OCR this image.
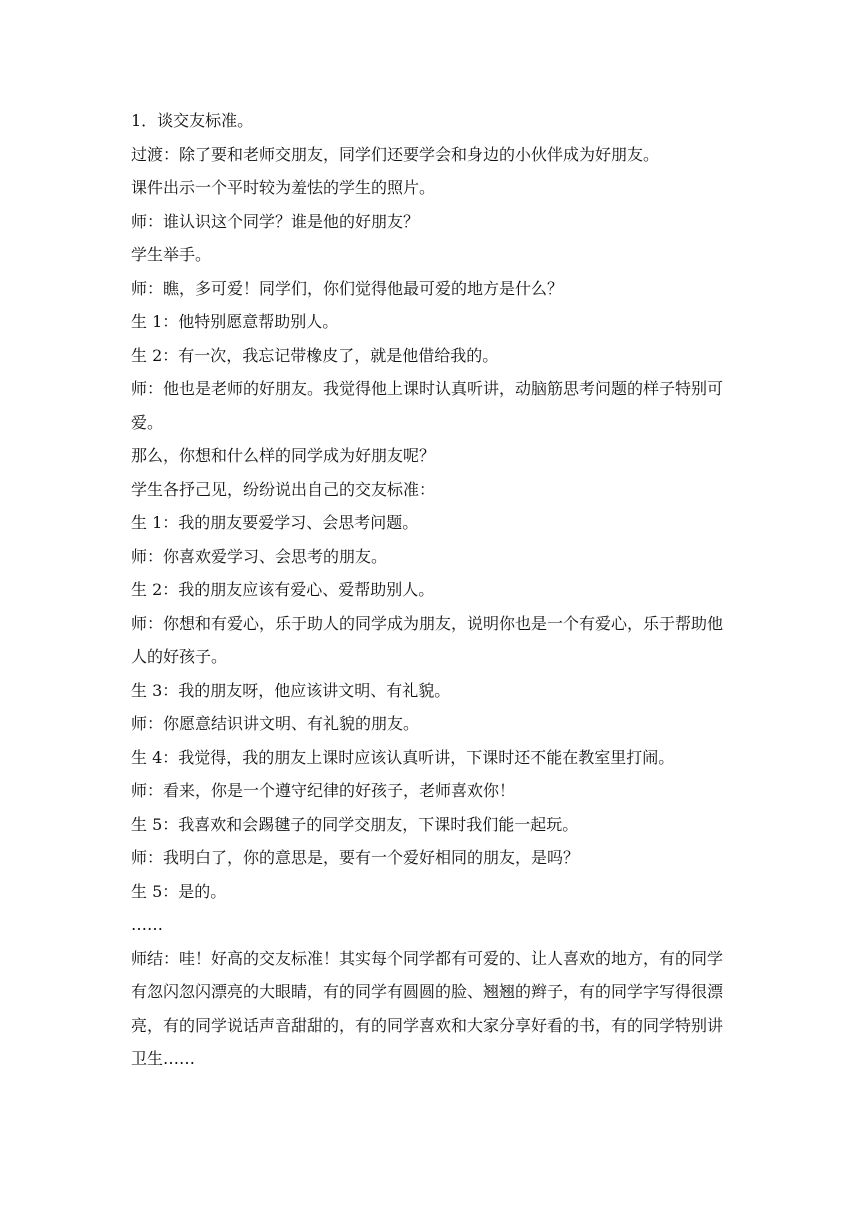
1．谈交友标准。

过渡：除了要和老师交朋友，同学们还要学会和身边的小伙伴成为好朋友。

课件出示一个平时较为羞怯的学生的照片。

师：谁认识这个同学？谁是他的好朋友？

学生举手。

师：瞧，多可爱！同学们，你们觉得他最可爱的地方是什么？

生 1：他特别愿意帮助别人。

生 2：有一次，我忘记带橡皮了，就是他借给我的。

师：他也是老师的好朋友。我觉得他上课时认真听讲，动脑筋思考问题的样子特别可爱。

那么，你想和什么样的同学成为好朋友呢？

学生各抒己见，纷纷说出自己的交友标准：

生 1：我的朋友要爱学习、会思考问题。

师：你喜欢爱学习、会思考的朋友。

生 2：我的朋友应该有爱心、爱帮助别人。

师：你想和有爱心，乐于助人的同学成为朋友，说明你也是一个有爱心，乐于帮助他人的好孩子。

生 3：我的朋友呀，他应该讲文明、有礼貌。

师：你愿意结识讲文明、有礼貌的朋友。

生 4：我觉得，我的朋友上课时应该认真听讲，下课时还不能在教室里打闹。

师：看来，你是一个遵守纪律的好孩子，老师喜欢你！

生 5：我喜欢和会踢毽子的同学交朋友，下课时我们能一起玩。

师：我明白了，你的意思是，要有一个爱好相同的朋友，是吗？

生 5：是的。

……

师结：哇！好高的交友标准！其实每个同学都有可爱的、让人喜欢的地方，有的同学有忽闪忽闪漂亮的大眼睛，有的同学有圆圆的脸、翘翘的辫子，有的同学字写得很漂亮，有的同学说话声音甜甜的，有的同学喜欢和大家分享好看的书，有的同学特别讲卫生……
